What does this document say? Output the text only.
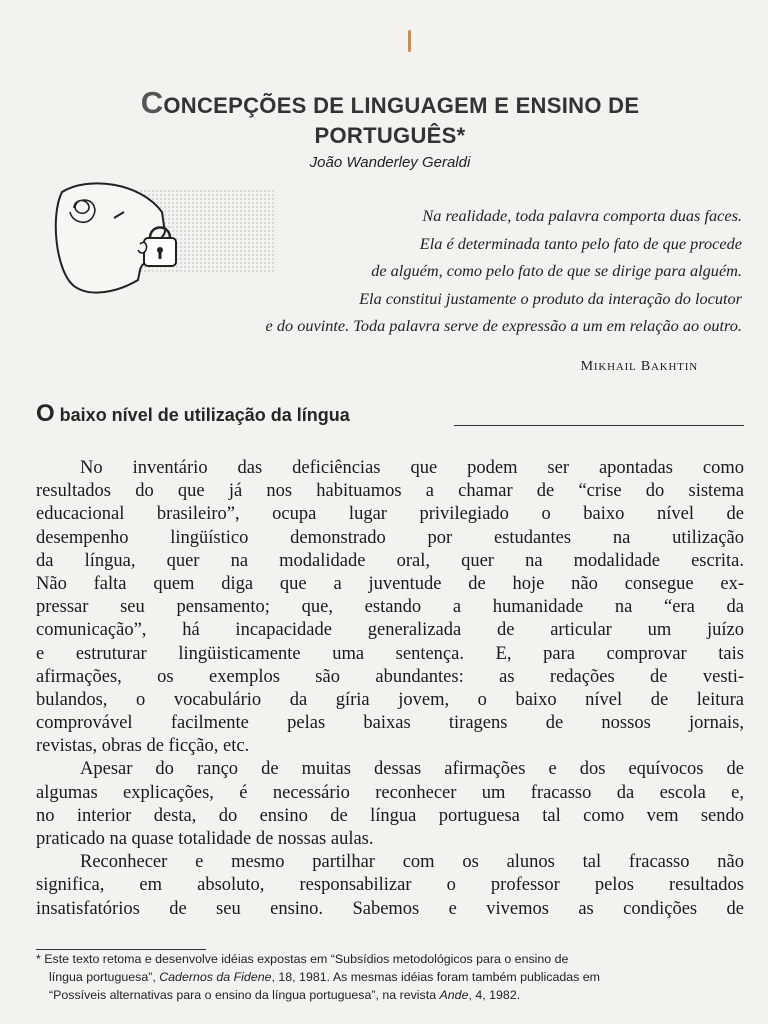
CONCEPÇÕES DE LINGUAGEM E ENSINO DE
PORTUGUÊS*
João Wanderley Geraldi
Na realidade, toda palavra comporta duas faces.
Ela é determinada tanto pelo fato de que procede
de alguém, como pelo fato de que se dirige para alguém.
Ela constitui justamente o produto da interação do locutor
e do ouvinte. Toda palavra serve de expressão a um em relação ao outro.
MIKHAIL BAKHTIN
O baixo nível de utilização da língua
No inventário das deficiências que podem ser apontadas como
resultados do que já nos habituamos a chamar de “crise do sistema
educacional brasileiro”, ocupa lugar privilegiado o baixo nível de
desempenho lingüístico demonstrado por estudantes na utilização
da língua, quer na modalidade oral, quer na modalidade escrita.
Não falta quem diga que a juventude de hoje não consegue ex-
pressar seu pensamento; que, estando a humanidade na “era da
comunicação”, há incapacidade generalizada de articular um juízo
e estruturar lingüisticamente uma sentença. E, para comprovar tais
afirmações, os exemplos são abundantes: as redações de vesti-
bulandos, o vocabulário da gíria jovem, o baixo nível de leitura
comprovável facilmente pelas baixas tiragens de nossos jornais,
revistas, obras de ficção, etc.
Apesar do ranço de muitas dessas afirmações e dos equívocos de
algumas explicações, é necessário reconhecer um fracasso da escola e,
no interior desta, do ensino de língua portuguesa tal como vem sendo
praticado na quase totalidade de nossas aulas.
Reconhecer e mesmo partilhar com os alunos tal fracasso não
significa, em absoluto, responsabilizar o professor pelos resultados
insatisfatórios de seu ensino. Sabemos e vivemos as condições de
* Este texto retoma e desenvolve idéias expostas em “Subsídios metodológicos para o ensino de
língua portuguesa”, Cadernos da Fidene, 18, 1981. As mesmas idéias foram também publicadas em
“Possíveis alternativas para o ensino da língua portuguesa”, na revista Ande, 4, 1982.
